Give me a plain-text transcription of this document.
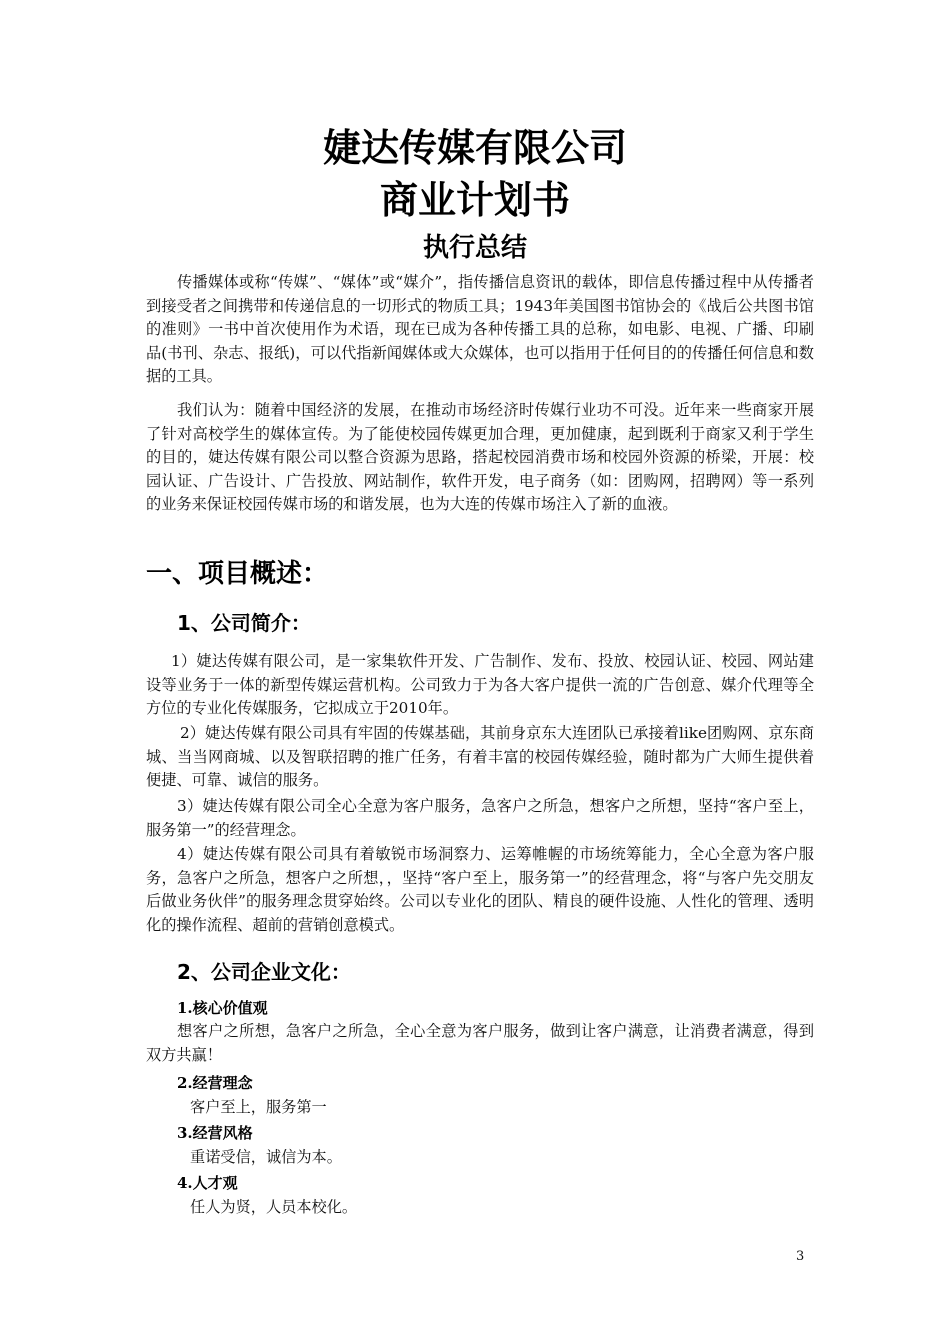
婕达传媒有限公司
商业计划书
执行总结

传播媒体或称“传媒”、“媒体”或“媒介”，指传播信息资讯的载体，即信息传播过程中从传播者到接受者之间携带和传递信息的一切形式的物质工具；1943年美国图书馆协会的《战后公共图书馆的准则》一书中首次使用作为术语，现在已成为各种传播工具的总称，如电影、电视、广播、印刷品(书刊、杂志、报纸)，可以代指新闻媒体或大众媒体，也可以指用于任何目的的传播任何信息和数据的工具。

我们认为：随着中国经济的发展，在推动市场经济时传媒行业功不可没。近年来一些商家开展了针对高校学生的媒体宣传。为了能使校园传媒更加合理，更加健康，起到既利于商家又利于学生的目的，婕达传媒有限公司以整合资源为思路，搭起校园消费市场和校园外资源的桥梁，开展：校园认证、广告设计、广告投放、网站制作，软件开发，电子商务（如：团购网，招聘网）等一系列的业务来保证校园传媒市场的和谐发展，也为大连的传媒市场注入了新的血液。

一、项目概述：
1、公司简介：

1）婕达传媒有限公司，是一家集软件开发、广告制作、发布、投放、校园认证、校园、网站建设等业务于一体的新型传媒运营机构。公司致力于为各大客户提供一流的广告创意、媒介代理等全方位的专业化传媒服务，它拟成立于2010年。

2）婕达传媒有限公司具有牢固的传媒基础，其前身京东大连团队已承接着like团购网、京东商城、当当网商城、以及智联招聘的推广任务，有着丰富的校园传媒经验，随时都为广大师生提供着便捷、可靠、诚信的服务。

3）婕达传媒有限公司全心全意为客户服务，急客户之所急，想客户之所想，坚持“客户至上，服务第一”的经营理念。

4）婕达传媒有限公司具有着敏锐市场洞察力、运筹帷幄的市场统筹能力，全心全意为客户服务，急客户之所急，想客户之所想，，坚持“客户至上，服务第一”的经营理念，将“与客户先交朋友后做业务伙伴”的服务理念贯穿始终。公司以专业化的团队、精良的硬件设施、人性化的管理、透明化的操作流程、超前的营销创意模式。

2、公司企业文化：
1.核心价值观

想客户之所想，急客户之所急，全心全意为客户服务，做到让客户满意，让消费者满意，得到双方共赢！

2.经营理念
客户至上，服务第一
3.经营风格
重诺受信，诚信为本。
4.人才观
任人为贤，人员本校化。
3
